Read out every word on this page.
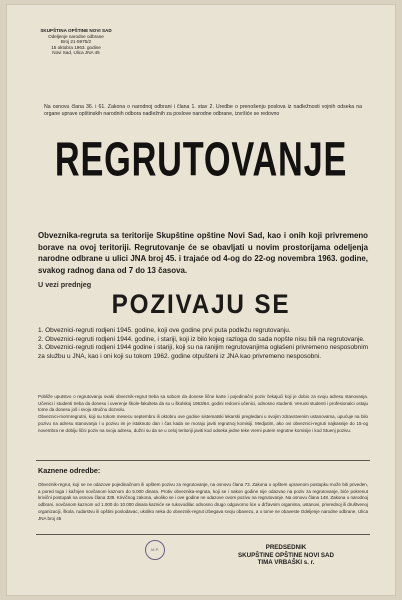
SKUPŠTINA OPŠTINE NOVI SAD
Odeljenje narodne odbrane
Broj 21-5975/2
15 oktobra 1963. godine
Novi Sad, Ulica JNA 45
Na osnovu člana 36. i 61. Zakona o narodnoj odbrani i člana 1. stav 2. Uredbe o prenošenju poslova iz nadležnosti vojnih odseka na organe uprave opštinskih narodnih odbora nadležnih za poslove narodne odbrane, izvršiće se redovno
REGRUTOVANJE
Obveznika-regruta sa teritorije Skupštine opštine Novi Sad, kao i onih koji privremeno borave na ovoj teritoriji. Regrutovanje će se obavljati u novim prostorijama odeljenja narodne odbrane u ulici JNA broj 45. i trajaće od 4-og do 22-og novembra 1963. godine, svakog radnog dana od 7 do 13 časova.
U vezi prednjeg
POZIVAJU SE

1. Obveznici-regruti rodjeni 1945. godine, koji ove godine prvi puta podležu regrutovanju.

2. Obveznici-regruti rodjeni 1944. godine, i stariji, koji iz bilo kojeg razloga do sada nopšte nisu bili na regrutovanje.

3. Obveznici-regruti rodjeni 1944 godine i stariji, koji su na ranijim regrutovanjima ogłašeni privremeno nesposobnim za službu u JNA, kao i oni koji su tokom 1962. godine otpušteni iz JNA kao privremeno nesposobni.

Pobliže uputstvo o regrutovanju svaki obveznik-regrut treba sa sobom da donese lične karte i pojedinačni poziv čekajući koji je dobio za svoju adresu stanovanja. Učenici i studenti treba da donesu i uverenje škole-fakulteta da su u školskoj 1963/64. godini redovni učenici, odnosno studenti. Veruoti studenti i profesionalci ostaju tome da donesu još i svoju stručnu dozvolu.
Obveznici-mormregrutni, koji su tokom mesecu septembru ili oktobru ove godine sistematski lekarski pregledani u svojim zdravstvenim ustanovama, upućuje na bilo pozivu na adresu stanovanja i u pozivu im je istaknuto dan i čas kada se moraju javiti regrutnoj komisiji. Medjutim, ako ovi obveznici-regruti najkasnije do 15-og novembra ne dobiju lični poziv na svoju adresu, dužni su da se u celoj teritoriji javiti kod odseka jedne teke vremi putem regrutne komisije i kod Stuenj pozivu.
Kaznene odredbe:
Obveznik-regrut, koji se ne odazove pojedinačnom ili opštem pozivu za regrutovanje, na osnovu člana 73. Zakona o opštem upravnom postupku može biti priveden, a pored toga i kažnjen novčanom kaznom do 5.000 dinara. Protiv obveznika-regruta, koji se i nakon godine nije odazvao na poziv za regrutovanje, biće pokrenut krivični postupak na osnovu člana 339. Krivičnog zakona, ukoliko se i ove godine ne odazove ovom pozivu na regrutovanje. Na osnovu člana 148. Zakona o narodnoj odbrani, novčanom kaznom od 1.000 do 10.000 dinara kazniće se rukovodilac odnosno drugo odgovorno lice u državnim organima, ustanovi, privrednoj ili društvenoj organizaciji, škola, rudarstvu ili opštini poslodavac, ukoliko neka do obveznik-regrut izbegava svoju obavezu, a o tome ne obaveste Odeljenje narodne odbrane, Ulica JNA broj 45
M.P.	PREDSEDNIK
SKUPŠTINE OPŠTINE NOVI SAD
TIMA VRBAŠKI s. r.
